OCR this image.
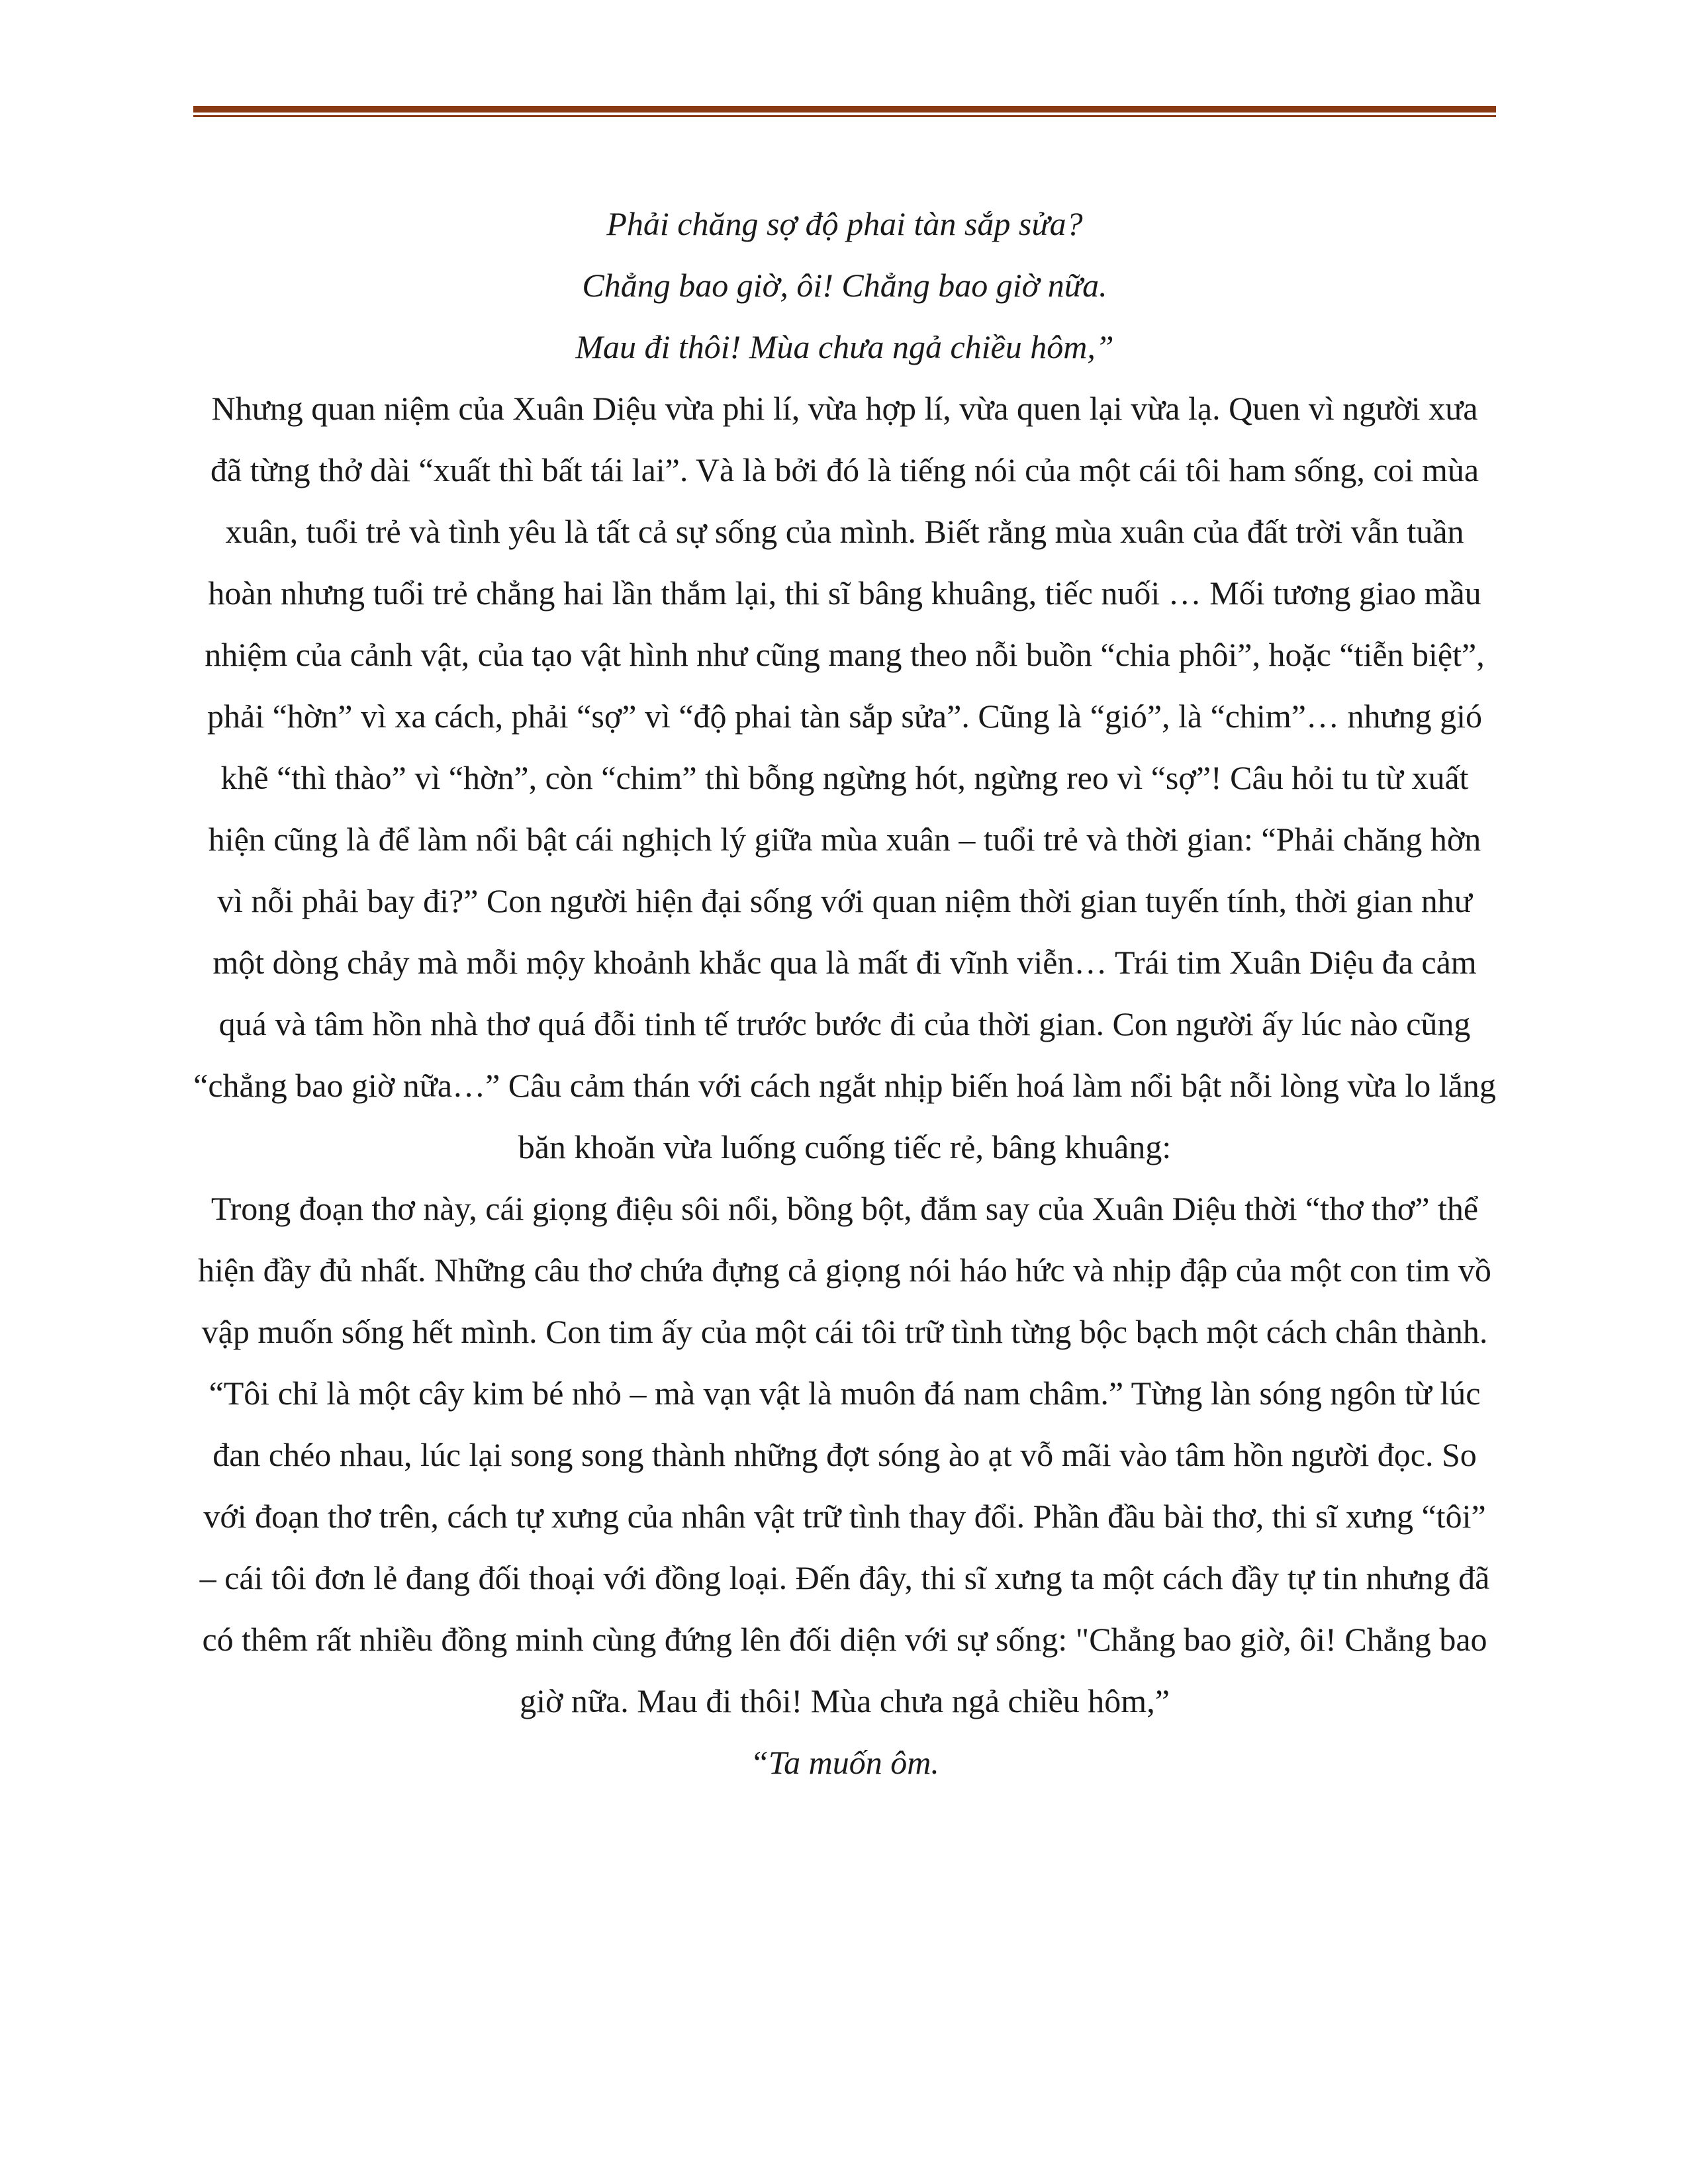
Phải chăng sợ độ phai tàn sắp sửa?

Chẳng bao giờ, ôi! Chẳng bao giờ nữa.

Mau đi thôi! Mùa chưa ngả chiều hôm,”

Nhưng quan niệm của Xuân Diệu vừa phi lí, vừa hợp lí, vừa quen lại vừa lạ. Quen vì người xưa đã từng thở dài “xuất thì bất tái lai”. Và là bởi đó là tiếng nói của một cái tôi ham sống, coi mùa xuân, tuổi trẻ và tình yêu là tất cả sự sống của mình. Biết rằng mùa xuân của đất trời vẫn tuần hoàn nhưng tuổi trẻ chẳng hai lần thắm lại, thi sĩ bâng khuâng, tiếc nuối … Mối tương giao mầu nhiệm của cảnh vật, của tạo vật hình như cũng mang theo nỗi buồn “chia phôi”, hoặc “tiễn biệt”, phải “hờn” vì xa cách, phải “sợ” vì “độ phai tàn sắp sửa”. Cũng là “gió”, là “chim”… nhưng gió khẽ “thì thào” vì “hờn”, còn “chim” thì bỗng ngừng hót, ngừng reo vì “sợ”! Câu hỏi tu từ xuất hiện cũng là để làm nổi bật cái nghịch lý giữa mùa xuân – tuổi trẻ và thời gian: “Phải chăng hờn vì nỗi phải bay đi?” Con người hiện đại sống với quan niệm thời gian tuyến tính, thời gian như một dòng chảy mà mỗi mộy khoảnh khắc qua là mất đi vĩnh viễn… Trái tim Xuân Diệu đa cảm quá và tâm hồn nhà thơ quá đỗi tinh tế trước bước đi của thời gian. Con người ấy lúc nào cũng “chẳng bao giờ nữa…” Câu cảm thán với cách ngắt nhịp biến hoá làm nổi bật nỗi lòng vừa lo lắng băn khoăn vừa luống cuống tiếc rẻ, bâng khuâng:

Trong đoạn thơ này, cái giọng điệu sôi nổi, bồng bột, đắm say của Xuân Diệu thời “thơ thơ” thể hiện đầy đủ nhất. Những câu thơ chứa đựng cả giọng nói háo hức và nhịp đập của một con tim vồ vập muốn sống hết mình. Con tim ấy của một cái tôi trữ tình từng bộc bạch một cách chân thành. “Tôi chỉ là một cây kim bé nhỏ – mà vạn vật là muôn đá nam châm.” Từng làn sóng ngôn từ lúc đan chéo nhau, lúc lại song song thành những đợt sóng ào ạt vỗ mãi vào tâm hồn người đọc. So với đoạn thơ trên, cách tự xưng của nhân vật trữ tình thay đổi. Phần đầu bài thơ, thi sĩ xưng “tôi” – cái tôi đơn lẻ đang đối thoại với đồng loại. Đến đây, thi sĩ xưng ta một cách đầy tự tin nhưng đã có thêm rất nhiều đồng minh cùng đứng lên đối diện với sự sống: "Chẳng bao giờ, ôi! Chẳng bao giờ nữa. Mau đi thôi! Mùa chưa ngả chiều hôm,”

“Ta muốn ôm.
